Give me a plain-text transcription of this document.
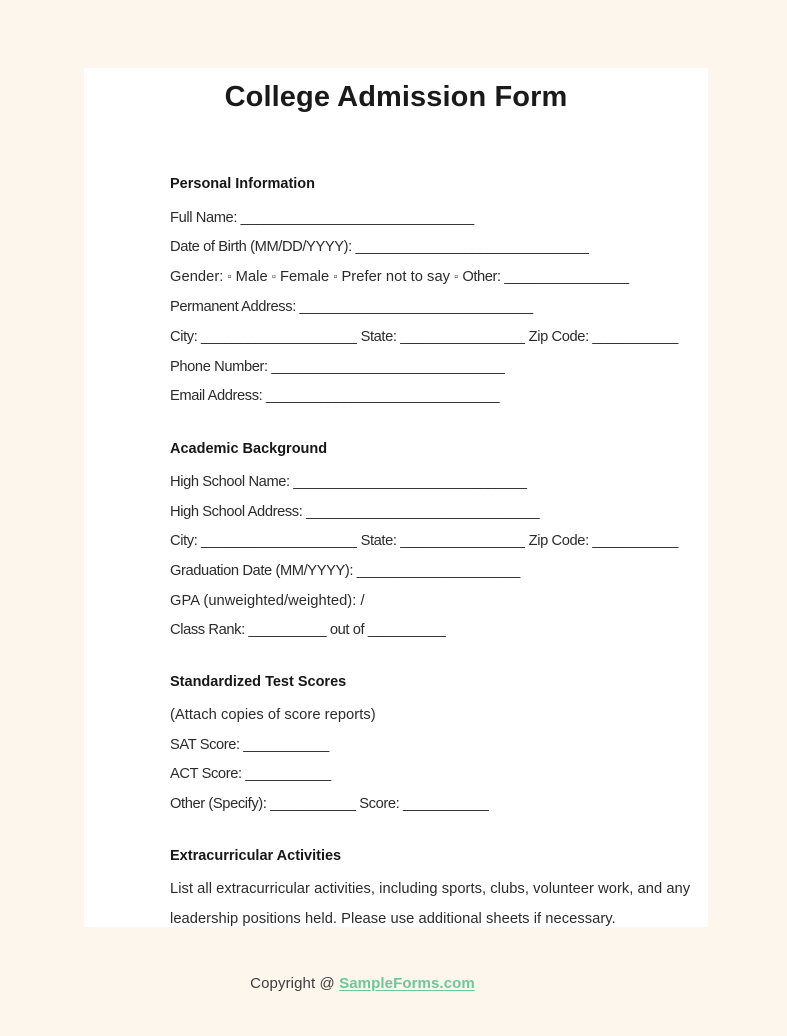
College Admission Form
Personal Information
Full Name: ______________________________
Date of Birth (MM/DD/YYYY): ______________________________
Gender: ▫ Male ▫ Female ▫ Prefer not to say ▫ Other: ________________
Permanent Address: ______________________________
City: ____________________ State: ________________ Zip Code: ___________
Phone Number: ______________________________
Email Address: ______________________________
Academic Background
High School Name: ______________________________
High School Address: ______________________________
City: ____________________ State: ________________ Zip Code: ___________
Graduation Date (MM/YYYY): _____________________
GPA (unweighted/weighted): /
Class Rank: __________ out of __________
Standardized Test Scores
(Attach copies of score reports)
SAT Score: ___________
ACT Score: ___________
Other (Specify): ___________ Score: ___________
Extracurricular Activities
List all extracurricular activities, including sports, clubs, volunteer work, and any leadership positions held. Please use additional sheets if necessary.
Copyright @ SampleForms.com
